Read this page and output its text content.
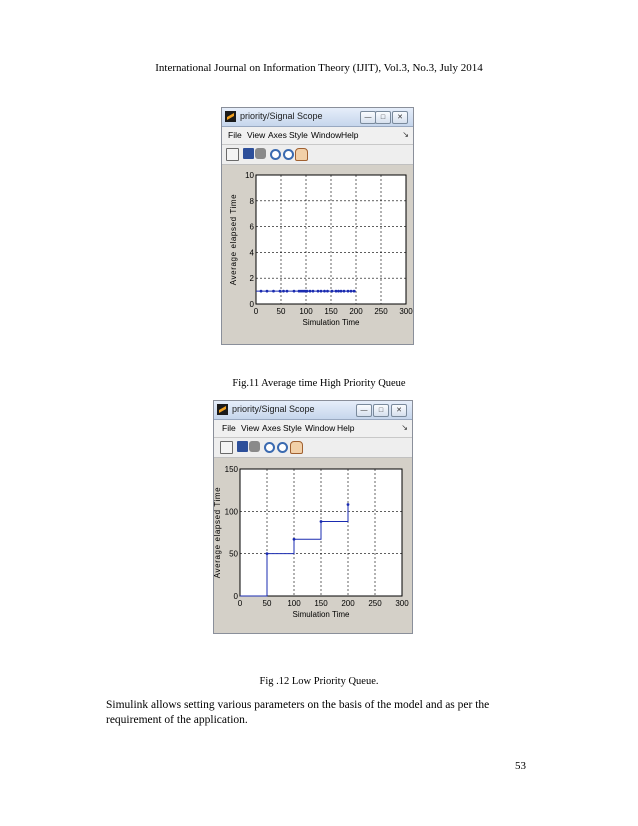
International Journal on Information Theory (IJIT), Vol.3, No.3, July 2014
priority/Signal Scope	—	□	✕
File View Axes Style Window Help	↘
0 50 100 150 200 250 300
0
2
4
6
8
10
Simulation Time
Average elapsed Time
Fig.11 Average time High Priority Queue
priority/Signal Scope	—	□	✕
File View Axes Style Window Help	↘
0	50 100 150 200 250 300
0
50
100
150
Simulation Time
Average elapsed Time
Fig .12 Low Priority Queue.
Simulink allows setting various parameters on the basis of the model and as per the requirement of the application.
53
